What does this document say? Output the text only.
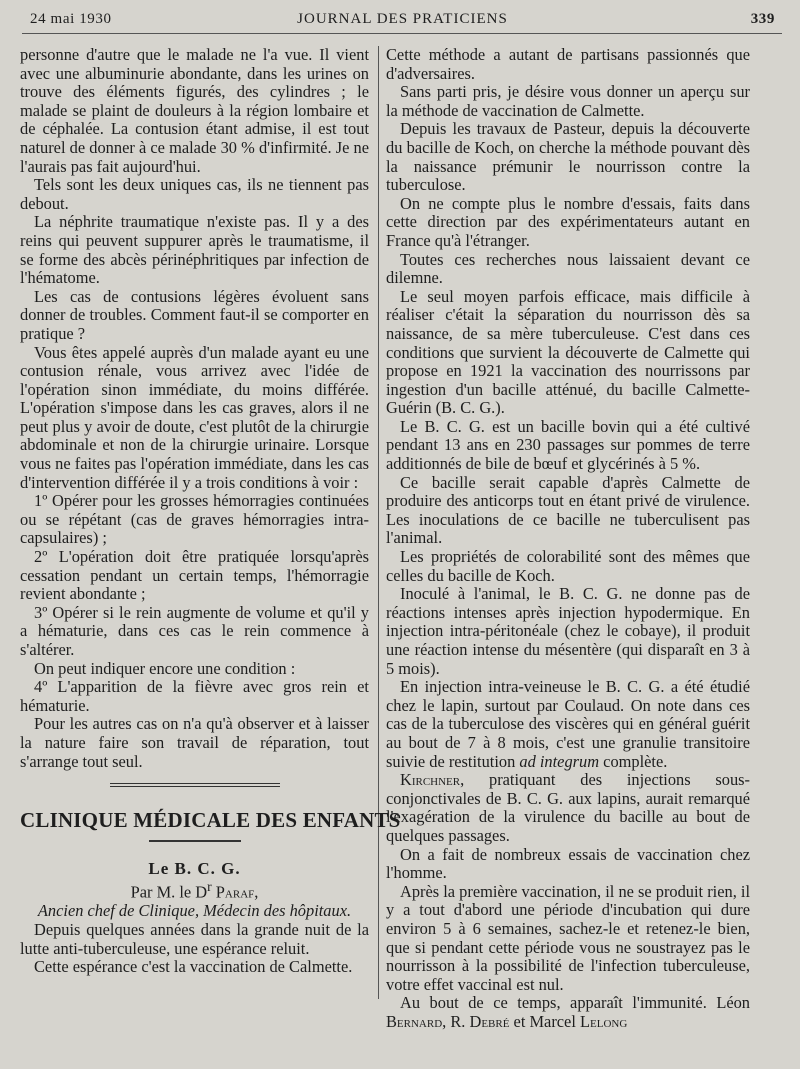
24 mai 1930	JOURNAL DES PRATICIENS	339

personne d'autre que le malade ne l'a vue. Il vient avec une albuminurie abondante, dans les urines on trouve des éléments figurés, des cylindres ; le malade se plaint de douleurs à la région lombaire et de céphalée. La contusion étant admise, il est tout naturel de donner à ce malade 30 % d'infirmité. Je ne l'aurais pas fait aujourd'hui.

Tels sont les deux uniques cas, ils ne tiennent pas debout.

La néphrite traumatique n'existe pas. Il y a des reins qui peuvent suppurer après le traumatisme, il se forme des abcès périnéphritiques par infection de l'hématome.

Les cas de contusions légères évoluent sans donner de troubles. Comment faut-il se comporter en pratique ?

Vous êtes appelé auprès d'un malade ayant eu une contusion rénale, vous arrivez avec l'idée de l'opération sinon immédiate, du moins différée. L'opération s'impose dans les cas graves, alors il ne peut plus y avoir de doute, c'est plutôt de la chirurgie abdominale et non de la chirurgie urinaire. Lorsque vous ne faites pas l'opération immédiate, dans les cas d'intervention différée il y a trois conditions à voir :

1º Opérer pour les grosses hémorragies continuées ou se répétant (cas de graves hémorragies intra-capsulaires) ;

2º L'opération doit être pratiquée lorsqu'après cessation pendant un certain temps, l'hémorragie revient abondante ;

3º Opérer si le rein augmente de volume et qu'il y a hématurie, dans ces cas le rein commence à s'altérer.

On peut indiquer encore une condition :

4º L'apparition de la fièvre avec gros rein et hématurie.

Pour les autres cas on n'a qu'à observer et à laisser la nature faire son travail de réparation, tout s'arrange tout seul.

CLINIQUE MÉDICALE DES ENFANTS

Le B. C. G.

Par M. le $D^r$ Paraf,

Ancien chef de Clinique, Médecin des hôpitaux.

Depuis quelques années dans la grande nuit de la lutte anti-tuberculeuse, une espérance reluit.

Cette espérance c'est la vaccination de Calmette.

Cette méthode a autant de partisans passionnés que d'adversaires.

Sans parti pris, je désire vous donner un aperçu sur la méthode de vaccination de Calmette.

Depuis les travaux de Pasteur, depuis la découverte du bacille de Koch, on cherche la méthode pouvant dès la naissance prémunir le nourrisson contre la tuberculose.

On ne compte plus le nombre d'essais, faits dans cette direction par des expérimentateurs autant en France qu'à l'étranger.

Toutes ces recherches nous laissaient devant ce dilemne.

Le seul moyen parfois efficace, mais difficile à réaliser c'était la séparation du nourrisson dès sa naissance, de sa mère tuberculeuse. C'est dans ces conditions que survient la découverte de Calmette qui propose en 1921 la vaccination des nourrissons par ingestion d'un bacille atténué, du bacille Calmette-Guérin (B. C. G.).

Le B. C. G. est un bacille bovin qui a été cultivé pendant 13 ans en 230 passages sur pommes de terre additionnés de bile de bœuf et glycérinés à 5 %.

Ce bacille serait capable d'après Calmette de produire des anticorps tout en étant privé de virulence. Les inoculations de ce bacille ne tuberculisent pas l'animal.

Les propriétés de colorabilité sont des mêmes que celles du bacille de Koch.

Inoculé à l'animal, le B. C. G. ne donne pas de réactions intenses après injection hypodermique. En injection intra-péritonéale (chez le cobaye), il produit une réaction intense du mésentère (qui disparaît en 3 à 5 mois).

En injection intra-veineuse le B. C. G. a été étudié chez le lapin, surtout par Coulaud. On note dans ces cas de la tuberculose des viscères qui en général guérit au bout de 7 à 8 mois, c'est une granulie transitoire suivie de restitution ad integrum complète.

Kirchner, pratiquant des injections sous-conjonctivales de B. C. G. aux lapins, aurait remarqué l'exagération de la virulence du bacille au bout de quelques passages.

On a fait de nombreux essais de vaccination chez l'homme.

Après la première vaccination, il ne se produit rien, il y a tout d'abord une période d'incubation qui dure environ 5 à 6 semaines, sachez-le et retenez-le bien, que si pendant cette période vous ne soustrayez pas le nourrisson à la possibilité de l'infection tuberculeuse, votre effet vaccinal est nul.

Au bout de ce temps, apparaît l'immunité. Léon Bernard, R. Debré et Marcel Lelong
